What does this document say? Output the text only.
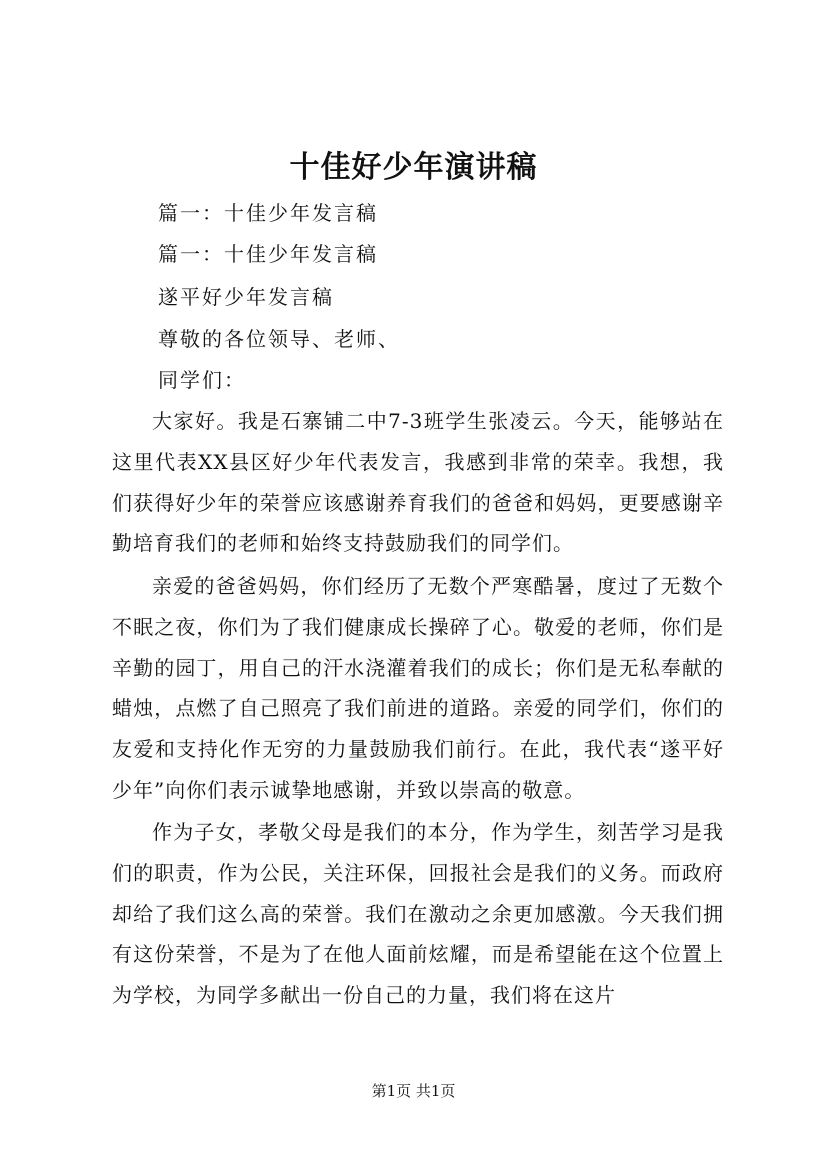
十佳好少年演讲稿
篇一：十佳少年发言稿
篇一：十佳少年发言稿
遂平好少年发言稿
尊敬的各位领导、老师、
同学们：

大家好。我是石寨铺二中7-3班学生张凌云。今天，能够站在这里代表XX县区好少年代表发言，我感到非常的荣幸。我想，我们获得好少年的荣誉应该感谢养育我们的爸爸和妈妈，更要感谢辛勤培育我们的老师和始终支持鼓励我们的同学们。

亲爱的爸爸妈妈，你们经历了无数个严寒酷暑，度过了无数个不眠之夜，你们为了我们健康成长操碎了心。敬爱的老师，你们是辛勤的园丁，用自己的汗水浇灌着我们的成长；你们是无私奉献的蜡烛，点燃了自己照亮了我们前进的道路。亲爱的同学们，你们的友爱和支持化作无穷的力量鼓励我们前行。在此，我代表“遂平好少年”向你们表示诚挚地感谢，并致以崇高的敬意。

作为子女，孝敬父母是我们的本分，作为学生，刻苦学习是我们的职责，作为公民，关注环保，回报社会是我们的义务。而政府却给了我们这么高的荣誉。我们在激动之余更加感激。今天我们拥有这份荣誉，不是为了在他人面前炫耀，而是希望能在这个位置上为学校，为同学多献出一份自己的力量，我们将在这片

第1页 共1页
